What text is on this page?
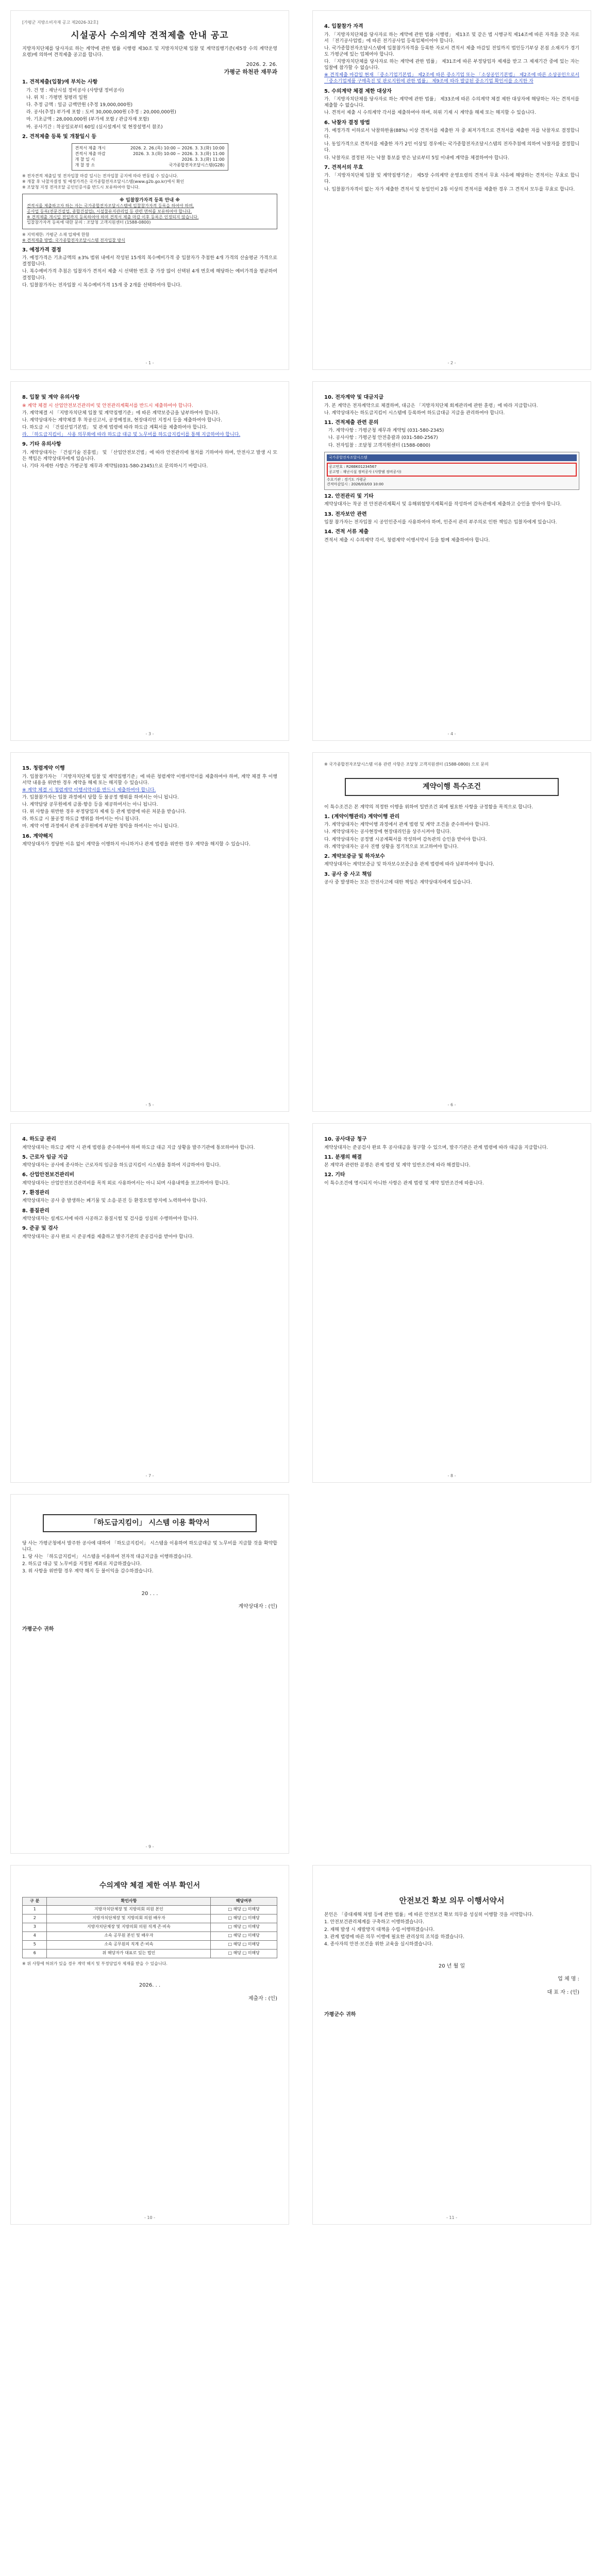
[가평군 지방소비자재 공고 제2026-32호]
시설공사 수의계약 견적제출 안내 공고
지방자치단체를 당사자로 하는 계약에 관한 법률 시행령 제30조 및 지방자치단체 입찰 및 계약집행기준(제5장 수의 계약운영요령)에 의하여 견적제출 공고를 합니다.
2026. 2. 26.
가평군 하천관 재무과
1. 견적제출(입찰)에 부치는 사항
가. 건 명 : 재난시설 정비공사 (사방댐 정비공사)
나. 위 치 : 가평면 청평리 일원
다. 추정 금액 : 일금 금백만원 (추정 19,000,000원)
라. 공사(추정) 부가세 포함 : 도비 30,000,000원 (추정 : 20,000,000원)
마. 기초금액 : 28,000,000원 (부가세 포함 / 관급자재 포함)
바. 공사기간 : 착공일로부터 60일 (실시설계서 및 현장설명서 참조)
2. 견적제출 등록 및 개찰일시 등
견적서 제출 개시	2026. 2. 26.(목) 10:00 ~ 2026. 3. 3.(화) 10:00
견적서 제출 마감	2026. 3. 3.(화) 10:00 ~ 2026. 3. 3.(화) 11:00
개 찰 일 시	2026. 3. 3.(화) 11:00
개 찰 장 소	국가종합전자조달시스템(G2B)
※ 전자견적 제출일 및 전자입찰 마감 일시는 전자입찰 공지에 따라 변동될 수 있습니다.
※ 개찰 후 낙찰자결정 및 예정가격은 국가종합전자조달시스템(www.g2b.go.kr)에서 확인
※ 조달청 지정 전자조달 공인인증서를 반드시 보유하여야 합니다.
※ 입찰참가자격 등록 안내 ※
견적서를 제출하고자 하는 자는 국가종합전자조달시스템에 입찰참가자격 등록을 하여야 하며,
공사업 등록(전문건설업, 종합건설업), 시설물유지관리업 등 관련 면허를 보유하여야 합니다.
※ 견적제출 개시일 전일까지 등록하여야 하며 견적서 제출 마감 이후 등록은 인정되지 않습니다.
입찰참가자격 등록에 대한 문의 : 조달청 고객지원센터 (1588-0800)
※ 지역제한: 가평군 소재 업체에 한함
※ 견적제출 방법: 국가종합전자조달시스템 전자입찰 방식
3. 예정가격 결정
가. 예정가격은 기초금액의 ±3% 범위 내에서 작성된 15개의 복수예비가격 중 입찰자가 추첨한 4개 가격의 산술평균 가격으로 결정합니다.
나. 복수예비가격 추첨은 입찰자가 견적서 제출 시 선택한 번호 중 가장 많이 선택된 4개 번호에 해당하는 예비가격을 평균하여 결정합니다.
다. 입찰참가자는 전자입찰 시 복수예비가격 15개 중 2개를 선택하여야 합니다.
- 1 -
4. 입찰참가 자격
가. 「지방자치단체를 당사자로 하는 계약에 관한 법률 시행령」 제13조 및 같은 법 시행규칙 제14조에 따른 자격을 갖춘 자로서 「전기공사업법」에 따른 전기공사업 등록업체이어야 합니다.
나. 국가종합전자조달시스템에 입찰참가자격을 등록한 자로서 견적서 제출 마감일 전일까지 법인등기부상 본점 소재지가 경기도 가평군에 있는 업체여야 합니다.
다. 「지방자치단체를 당사자로 하는 계약에 관한 법률」 제31조에 따른 부정당업자 제재를 받고 그 제재기간 중에 있는 자는 입찰에 참가할 수 없습니다.
※ 견적제출 마감일 현재 「중소기업기본법」 제2조에 따른 중소기업 또는 「소상공인기본법」 제2조에 따른 소상공인으로서 「중소기업제품 구매촉진 및 판로지원에 관한 법률」 제9조에 따라 발급된 중소기업 확인서를 소지한 자
5. 수의계약 체결 제한 대상자
가. 「지방자치단체를 당사자로 하는 계약에 관한 법률」 제33조에 따른 수의계약 체결 제한 대상자에 해당하는 자는 견적서를 제출할 수 없습니다.
나. 견적서 제출 시 수의계약 각서를 제출하여야 하며, 허위 기재 시 계약을 해제 또는 해지할 수 있습니다.
6. 낙찰자 결정 방법
가. 예정가격 이하로서 낙찰하한율(88%) 이상 견적서를 제출한 자 중 최저가격으로 견적서를 제출한 자를 낙찰자로 결정합니다.
나. 동일가격으로 견적서를 제출한 자가 2인 이상일 경우에는 국가종합전자조달시스템의 전자추첨에 의하여 낙찰자를 결정합니다.
다. 낙찰자로 결정된 자는 낙찰 통보를 받은 날로부터 5일 이내에 계약을 체결하여야 합니다.
7. 견적서의 무효
가. 「지방자치단체 입찰 및 계약집행기준」 제5장 수의계약 운영요령의 견적서 무효 사유에 해당하는 견적서는 무효로 합니다.
나. 입찰참가자격이 없는 자가 제출한 견적서 및 동일인이 2통 이상의 견적서를 제출한 경우 그 견적서 모두를 무효로 합니다.
- 2 -
8. 입찰 및 계약 유의사항
※ 계약 체결 시 산업안전보건관리비 및 안전관리계획서를 반드시 제출하여야 합니다.
가. 계약체결 시 「지방자치단체 입찰 및 계약집행기준」에 따른 계약보증금을 납부하여야 합니다.
나. 계약상대자는 계약체결 후 착공신고서, 공정예정표, 현장대리인 지정서 등을 제출하여야 합니다.
다. 하도급 시 「건설산업기본법」 및 관계 법령에 따라 하도급 계획서를 제출하여야 합니다.
라. 「하도급지킴이」 사용 의무화에 따라 하도급 대금 및 노무비를 하도급지킴이를 통해 지급하여야 합니다.
9. 기타 유의사항
가. 계약상대자는 「건설기술 진흥법」 및 「산업안전보건법」에 따라 안전관리에 철저를 기하여야 하며, 안전사고 발생 시 모든 책임은 계약상대자에게 있습니다.
나. 기타 자세한 사항은 가평군청 재무과 계약팀(031-580-2345)으로 문의하시기 바랍니다.
- 3 -
10. 전자계약 및 대금지급
가. 본 계약은 전자계약으로 체결하며, 대금은 「지방자치단체 회계관리에 관한 훈령」에 따라 지급합니다.
나. 계약상대자는 하도급지킴이 시스템에 등록하여 하도급대금 지급을 관리하여야 합니다.
11. 견적제출 관련 문의
가. 계약사항 : 가평군청 재무과 계약팀 (031-580-2345)
나. 공사사항 : 가평군청 안전총괄과 (031-580-2567)
다. 전자입찰 : 조달청 고객지원센터 (1588-0800)
국가종합전자조달시스템
공고번호 : R26BK01234567
공고명 : 재난시설 정비공사 (사방댐 정비공사)
수요기관 : 경기도 가평군
견적마감일시 : 2026/03/03 10:00
12. 안전관리 및 기타
계약상대자는 착공 전 안전관리계획서 및 유해위험방지계획서를 작성하여 감독관에게 제출하고 승인을 받아야 합니다.
13. 전자보안 관련
입찰 참가자는 전자입찰 시 공인인증서를 사용하여야 하며, 인증서 관리 부주의로 인한 책임은 입찰자에게 있습니다.
14. 견적 서류 제출
견적서 제출 시 수의계약 각서, 청렴계약 이행서약서 등을 함께 제출하여야 합니다.
- 4 -
15. 청렴계약 이행
가. 입찰참가자는 「지방자치단체 입찰 및 계약집행기준」에 따른 청렴계약 이행서약서를 제출하여야 하며, 계약 체결 후 이행서약 내용을 위반한 경우 계약을 해제 또는 해지할 수 있습니다.
※ 계약 체결 시 청렴계약 이행서약서를 반드시 제출하여야 합니다.
가. 입찰참가자는 입찰 과정에서 담합 등 불공정 행위를 하여서는 아니 됩니다.
나. 계약담당 공무원에게 금품·향응 등을 제공하여서는 아니 됩니다.
다. 위 사항을 위반한 경우 부정당업자 제재 등 관계 법령에 따른 처분을 받습니다.
라. 하도급 시 불공정 하도급 행위를 하여서는 아니 됩니다.
마. 계약 이행 과정에서 관계 공무원에게 부당한 청탁을 하여서는 아니 됩니다.
16. 계약해지
계약상대자가 정당한 이유 없이 계약을 이행하지 아니하거나 관계 법령을 위반한 경우 계약을 해지할 수 있습니다.
- 5 -
※ 국가종합전자조달시스템 이용 관련 사항은 조달청 고객지원센터 (1588-0800) 으로 문의
계약이행 특수조건
이 특수조건은 본 계약의 적정한 이행을 위하여 일반조건 외에 필요한 사항을 규정함을 목적으로 합니다.
1. (계약이행관리) 계약이행 관리
가. 계약상대자는 계약이행 과정에서 관계 법령 및 계약 조건을 준수하여야 합니다.
나. 계약상대자는 공사현장에 현장대리인을 상주시켜야 합니다.
다. 계약상대자는 공정별 시공계획서를 작성하여 감독관의 승인을 받아야 합니다.
라. 계약상대자는 공사 진행 상황을 정기적으로 보고하여야 합니다.
2. 계약보증금 및 하자보수
계약상대자는 계약보증금 및 하자보수보증금을 관계 법령에 따라 납부하여야 합니다.
3. 공사 중 사고 책임
공사 중 발생하는 모든 안전사고에 대한 책임은 계약상대자에게 있습니다.
- 6 -
4. 하도급 관리
계약상대자는 하도급 계약 시 관계 법령을 준수하여야 하며 하도급 대금 지급 상황을 발주기관에 통보하여야 합니다.
5. 근로자 임금 지급
계약상대자는 공사에 종사하는 근로자의 임금을 하도급지킴이 시스템을 통하여 지급하여야 합니다.
6. 산업안전보건관리비
계약상대자는 산업안전보건관리비를 목적 외로 사용하여서는 아니 되며 사용내역을 보고하여야 합니다.
7. 환경관리
계약상대자는 공사 중 발생하는 폐기물 및 소음·분진 등 환경오염 방지에 노력하여야 합니다.
8. 품질관리
계약상대자는 설계도서에 따라 시공하고 품질시험 및 검사를 성실히 수행하여야 합니다.
9. 준공 및 검사
계약상대자는 공사 완료 시 준공계를 제출하고 발주기관의 준공검사를 받아야 합니다.
- 7 -
10. 공사대금 청구
계약상대자는 준공검사 완료 후 공사대금을 청구할 수 있으며, 발주기관은 관계 법령에 따라 대금을 지급합니다.
11. 분쟁의 해결
본 계약과 관련한 분쟁은 관계 법령 및 계약 일반조건에 따라 해결합니다.
12. 기타
이 특수조건에 명시되지 아니한 사항은 관계 법령 및 계약 일반조건에 따릅니다.
- 8 -
「하도급지킴이」 시스템 이용 확약서
당 사는 가평군청에서 발주한 공사에 대하여 「하도급지킴이」 시스템을 이용하여 하도급대금 및 노무비를 지급할 것을 확약합니다.
1. 당 사는 「하도급지킴이」 시스템을 이용하여 전자적 대금지급을 이행하겠습니다.
2. 하도급 대금 및 노무비를 지정된 계좌로 지급하겠습니다.
3. 위 사항을 위반할 경우 계약 해지 등 불이익을 감수하겠습니다.
20 . . .
계약상대자 : (인)
가평군수 귀하
- 9 -
수의계약 체결 제한 여부 확인서
구 분	확인사항	해당여부
1	지방자치단체장 및 지방의회 의원 본인	□ 해당 □ 미해당
2	지방자치단체장 및 지방의회 의원 배우자	□ 해당 □ 미해당
3	지방자치단체장 및 지방의회 의원 직계 존·비속	□ 해당 □ 미해당
4	소속 공무원 본인 및 배우자	□ 해당 □ 미해당
5	소속 공무원의 직계 존·비속	□ 해당 □ 미해당
6	위 해당자가 대표로 있는 법인	□ 해당 □ 미해당
※ 위 사항에 허위가 있을 경우 계약 해지 및 부정당업자 제재를 받을 수 있습니다.
2026. . .
제출자 : (인)
- 10 -
안전보건 확보 의무 이행서약서
본인은 「중대재해 처벌 등에 관한 법률」에 따른 안전보건 확보 의무를 성실히 이행할 것을 서약합니다.
1. 안전보건관리체계를 구축하고 이행하겠습니다.
2. 재해 발생 시 재발방지 대책을 수립·이행하겠습니다.
3. 관계 법령에 따른 의무 이행에 필요한 관리상의 조치를 하겠습니다.
4. 종사자의 안전·보건을 위한 교육을 실시하겠습니다.
20 년 월 일
업 체 명 :
대 표 자 : (인)
가평군수 귀하
- 11 -
